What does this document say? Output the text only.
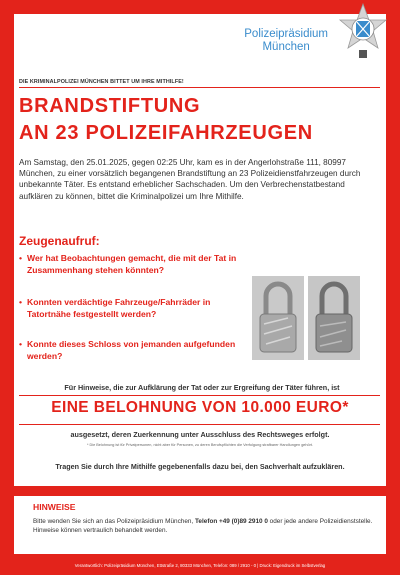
Polizeipräsidium
München
DIE KRIMINALPOLIZEI MÜNCHEN BITTET UM IHRE MITHILFE!
BRANDSTIFTUNG
AN 23 POLIZEIFAHRZEUGEN

Am Samstag, den 25.01.2025, gegen 02:25 Uhr, kam es in der Angerlohstraße 111, 80997 München, zu einer vorsätzlich begangenen Brandstiftung an 23 Polizeidienstfahrzeugen durch unbekannte Täter. Es entstand erheblicher Sachschaden. Um den Verbrechenstatbestand aufklären zu können, bittet die Kriminalpolizei um Ihre Mithilfe.

Zeugenaufruf:
• Wer hat Beobachtungen gemacht, die mit der Tat in Zusammenhang stehen könnten?
• Konnten verdächtige Fahrzeuge/Fahrräder in Tatortnähe festgestellt werden?
• Konnte dieses Schloss von jemanden aufgefunden werden?
Für Hinweise, die zur Aufklärung der Tat oder zur Ergreifung der Täter führen, ist
EINE BELOHNUNG VON 10.000 EURO*
ausgesetzt, deren Zuerkennung unter Ausschluss des Rechtsweges erfolgt.
* Die Belohnung ist für Privatpersonen, nicht aber für Personen, zu deren Berufspflichten die Verfolgung strafbarer Handlungen gehört.
Tragen Sie durch Ihre Mithilfe gegebenenfalls dazu bei, den Sachverhalt aufzuklären.
HINWEISE
Bitte wenden Sie sich an das Polizeipräsidium München, Telefon +49 (0)89 2910 0 oder jede andere Polizeidienststelle. Hinweise können vertraulich behandelt werden.
Verantwortlich: Polizeipräsidium München, Ettstraße 2, 80333 München, Telefon: 089 / 2910 - 0 | Druck: Eigendruck im Selbstverlag
